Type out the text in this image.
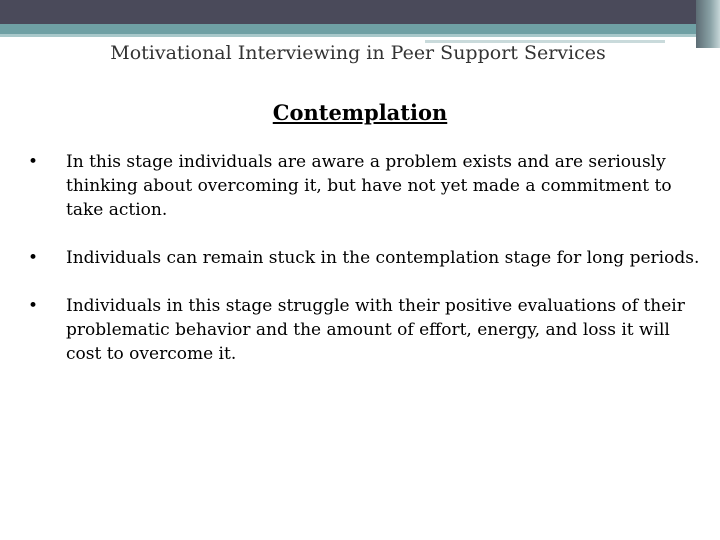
Motivational Interviewing in Peer Support Services
Contemplation
•	In this stage individuals are aware a problem exists and are seriously thinking about overcoming it, but have not yet made a commitment to take action.
•	Individuals can remain stuck in the contemplation stage for long periods.
•	Individuals in this stage struggle with their positive evaluations of their problematic behavior and the amount of effort, energy, and loss it will cost to overcome it.
